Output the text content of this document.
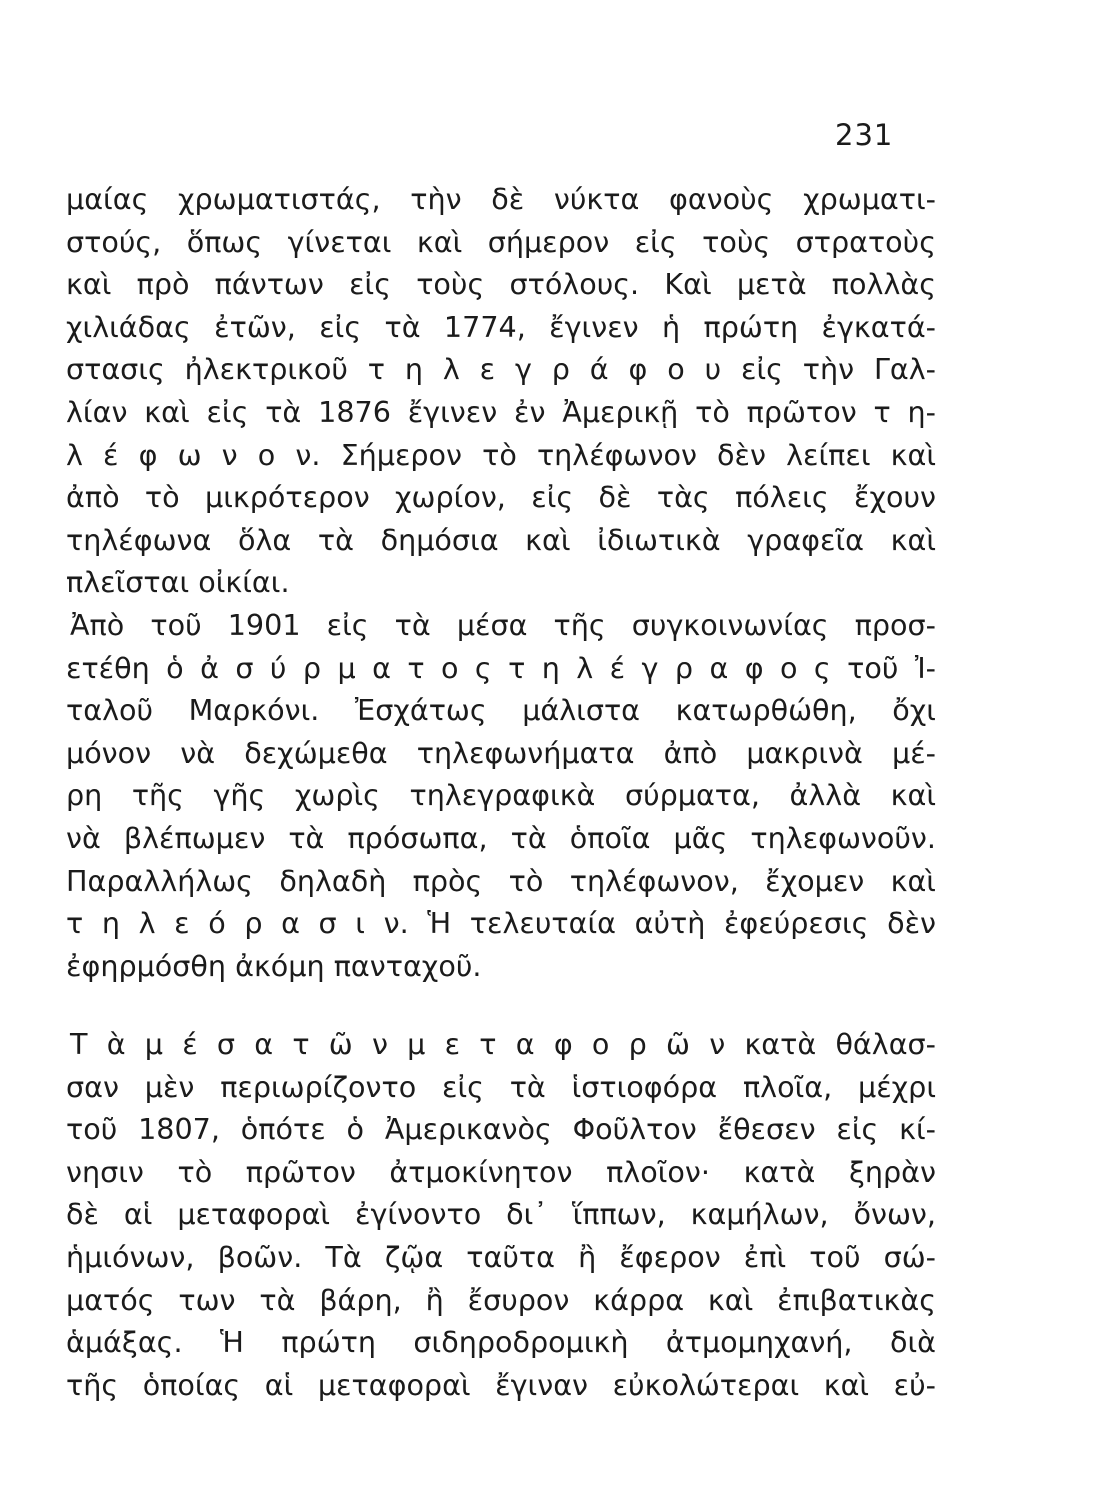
231
μαίας χρωματιστάς, τὴν δὲ νύκτα φανοὺς χρωματι-
στούς, ὅπως γίνεται καὶ σήμερον εἰς τοὺς στρατοὺς
καὶ πρὸ πάντων εἰς τοὺς στόλους. Καὶ μετὰ πολλὰς
χιλιάδας ἐτῶν, εἰς τὰ 1774, ἔγινεν ἡ πρώτη ἐγκατά-
στασις ἠλεκτρικοῦ τ η λ ε γ ρ ά φ ο υ εἰς τὴν Γαλ-
λίαν καὶ εἰς τὰ 1876 ἔγινεν ἐν Ἀμερικῇ τὸ πρῶτον τ η-
λ έ φ ω ν ο ν. Σήμερον τὸ τηλέφωνον δὲν λείπει καὶ
ἀπὸ τὸ μικρότερον χωρίον, εἰς δὲ τὰς πόλεις ἔχουν
τηλέφωνα ὅλα τὰ δημόσια καὶ ἰδιωτικὰ γραφεῖα καὶ
πλεῖσται οἰκίαι.
Ἀπὸ τοῦ 1901 εἰς τὰ μέσα τῆς συγκοινωνίας προσ-
ετέθη ὁ ἀ σ ύ ρ μ α τ ο ς τ η λ έ γ ρ α φ ο ς τοῦ Ἰ-
ταλοῦ Μαρκόνι. Ἐσχάτως μάλιστα κατωρθώθη, ὄχι
μόνον νὰ δεχώμεθα τηλεφωνήματα ἀπὸ μακρινὰ μέ-
ρη τῆς γῆς χωρὶς τηλεγραφικὰ σύρματα, ἀλλὰ καὶ
νὰ βλέπωμεν τὰ πρόσωπα, τὰ ὁποῖα μᾶς τηλεφωνοῦν.
Παραλλήλως δηλαδὴ πρὸς τὸ τηλέφωνον, ἔχομεν καὶ
τ η λ ε ό ρ α σ ι ν. Ἡ τελευταία αὐτὴ ἐφεύρεσις δὲν
ἐφηρμόσθη ἀκόμη πανταχοῦ.
Τ ὰ μ έ σ α τ ῶ ν μ ε τ α φ ο ρ ῶ ν κατὰ θάλασ-
σαν μὲν περιωρίζοντο εἰς τὰ ἱστιοφόρα πλοῖα, μέχρι
τοῦ 1807, ὁπότε ὁ Ἀμερικανὸς Φοῦλτον ἔθεσεν εἰς κί-
νησιν τὸ πρῶτον ἀτμοκίνητον πλοῖον· κατὰ ξηρὰν
δὲ αἱ μεταφοραὶ ἐγίνοντο δι᾿ ἵππων, καμήλων, ὄνων,
ἡμιόνων, βοῶν. Τὰ ζῷα ταῦτα ἢ ἔφερον ἐπὶ τοῦ σώ-
ματός των τὰ βάρη, ἢ ἔσυρον κάρρα καὶ ἐπιβατικὰς
ἁμάξας. Ἡ πρώτη σιδηροδρομικὴ ἀτμομηχανή, διὰ
τῆς ὁποίας αἱ μεταφοραὶ ἔγιναν εὐκολώτεραι καὶ εὐ-
